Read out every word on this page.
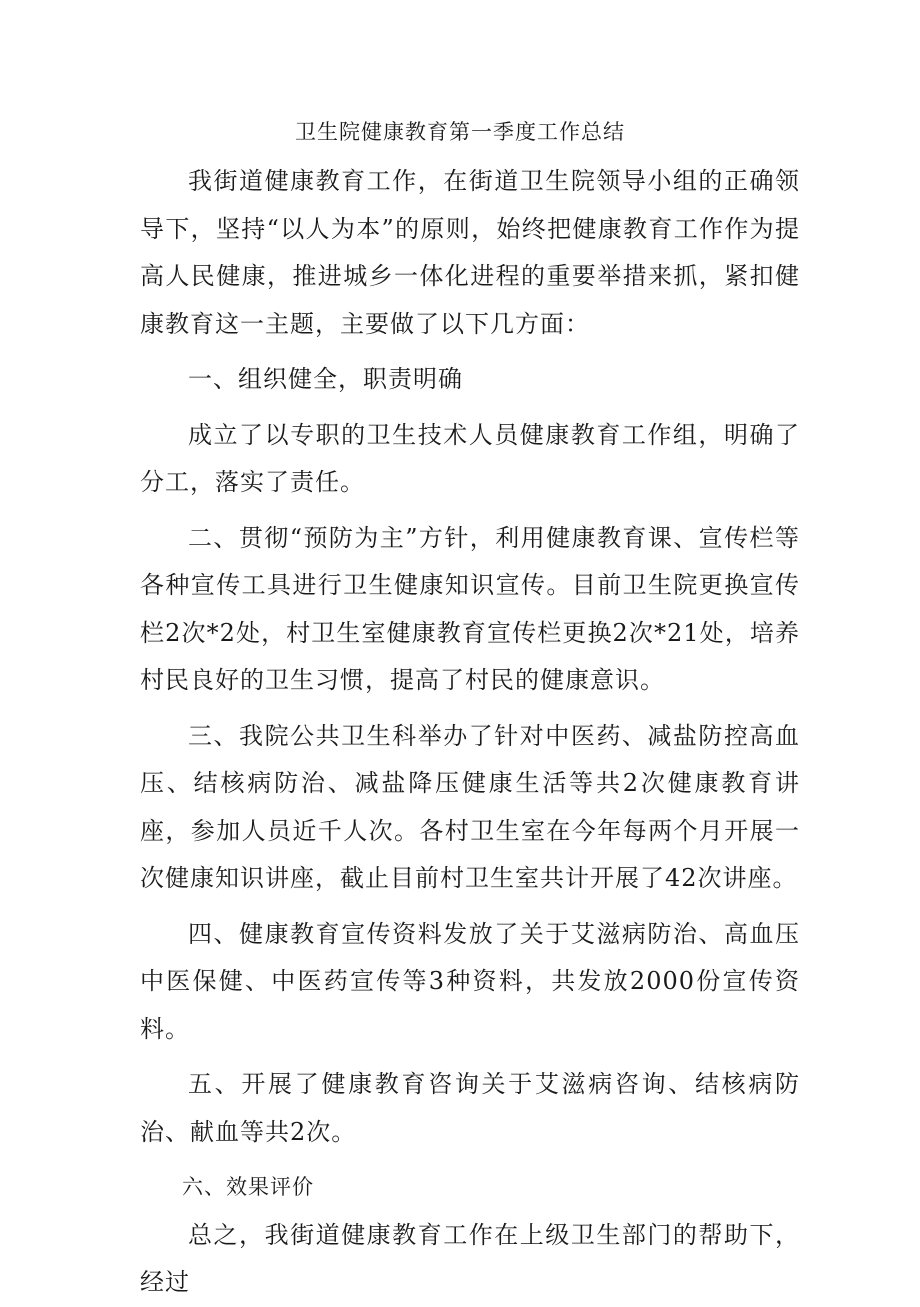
卫生院健康教育第一季度工作总结

我街道健康教育工作，在街道卫生院领导小组的正确领导下，坚持“以人为本”的原则，始终把健康教育工作作为提高人民健康，推进城乡一体化进程的重要举措来抓，紧扣健康教育这一主题，主要做了以下几方面：

一、组织健全，职责明确

成立了以专职的卫生技术人员健康教育工作组，明确了分工，落实了责任。

二、贯彻“预防为主”方针，利用健康教育课、宣传栏等各种宣传工具进行卫生健康知识宣传。目前卫生院更换宣传栏2次*2处，村卫生室健康教育宣传栏更换2次*21处，培养村民良好的卫生习惯，提高了村民的健康意识。

三、我院公共卫生科举办了针对中医药、减盐防控高血压、结核病防治、减盐降压健康生活等共2次健康教育讲座，参加人员近千人次。各村卫生室在今年每两个月开展一次健康知识讲座，截止目前村卫生室共计开展了42次讲座。

四、健康教育宣传资料发放了关于艾滋病防治、高血压中医保健、中医药宣传等3种资料，共发放2000份宣传资料。

五、开展了健康教育咨询关于艾滋病咨询、结核病防治、献血等共2次。

六、效果评价

总之，我街道健康教育工作在上级卫生部门的帮助下，经过
